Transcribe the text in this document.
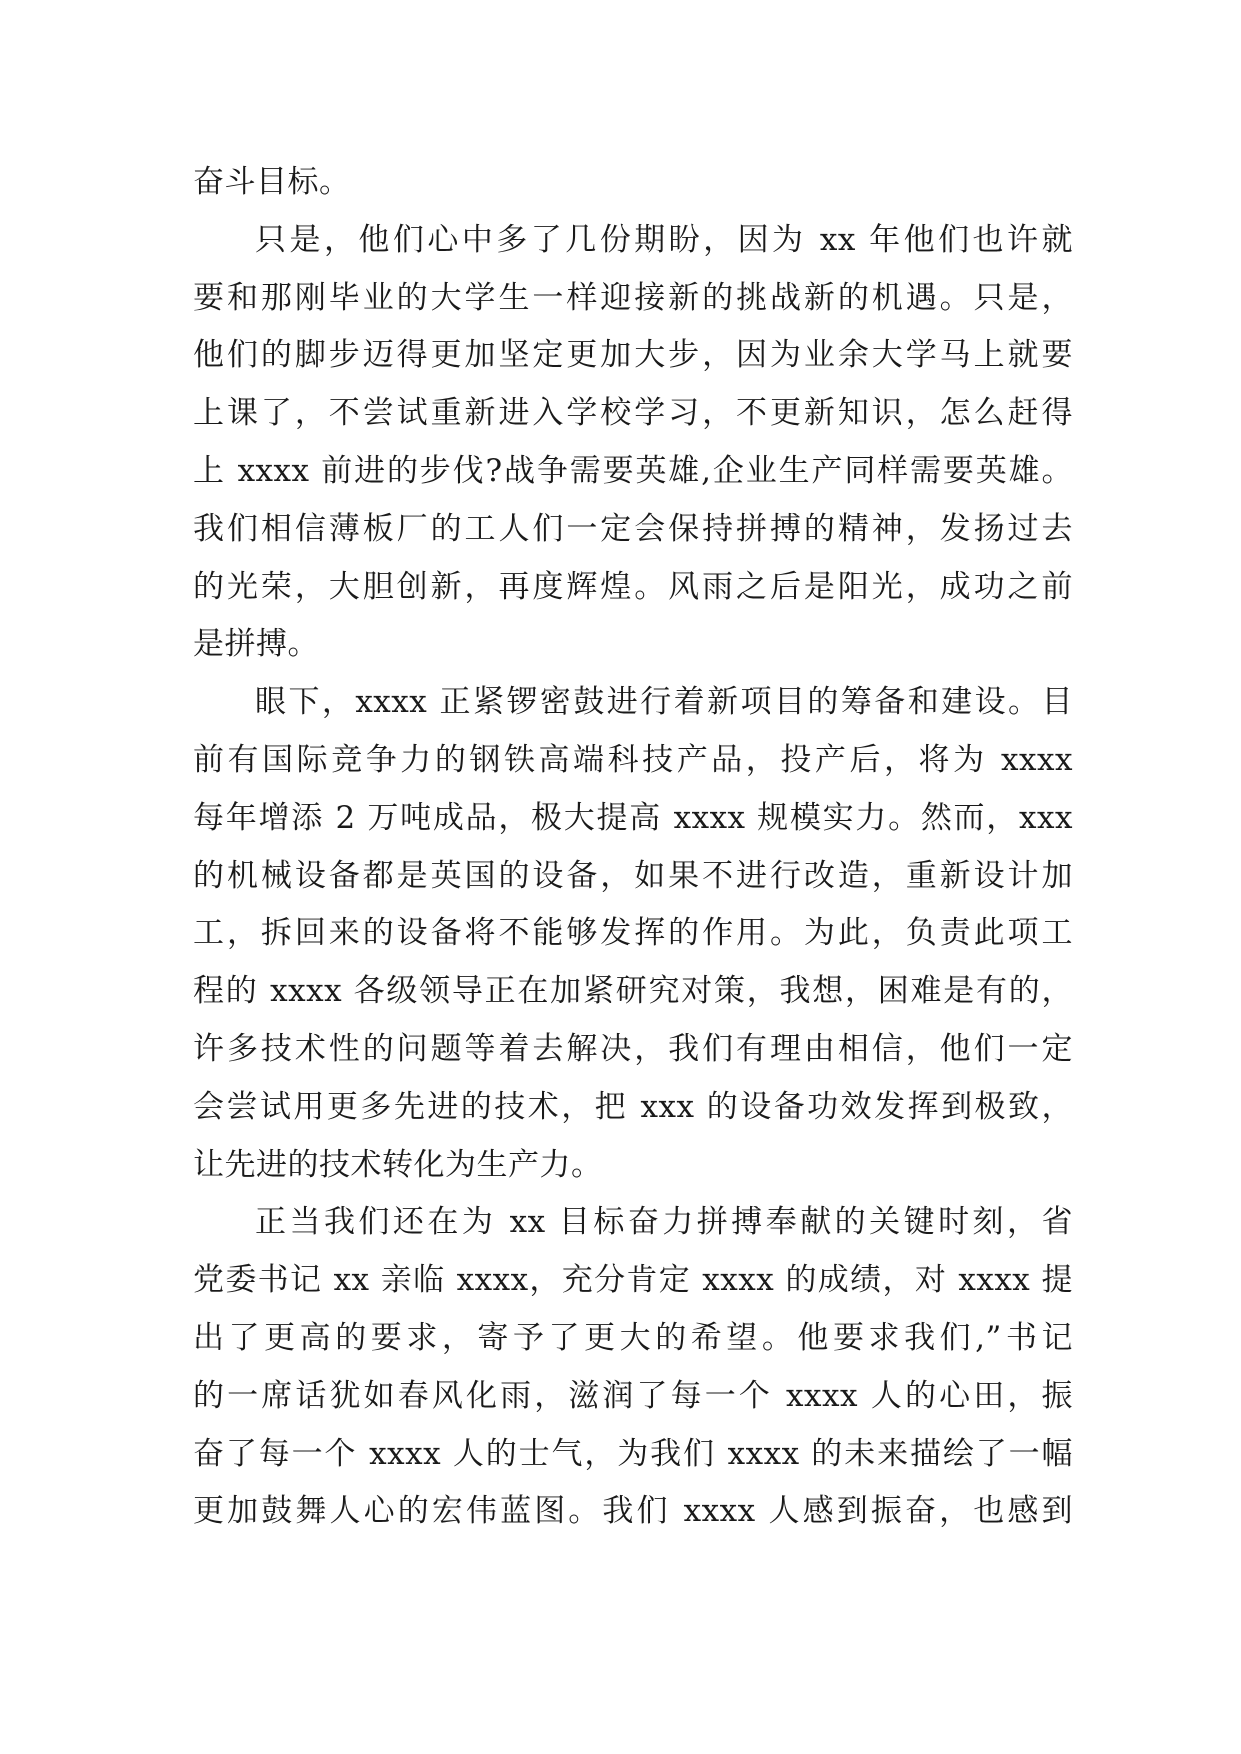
奋斗目标。
只是，他们心中多了几份期盼，因为 xx 年他们也许就
要和那刚毕业的大学生一样迎接新的挑战新的机遇。只是，
他们的脚步迈得更加坚定更加大步，因为业余大学马上就要
上课了，不尝试重新进入学校学习，不更新知识，怎么赶得
上 xxxx 前进的步伐?战争需要英雄,企业生产同样需要英雄。
我们相信薄板厂的工人们一定会保持拼搏的精神，发扬过去
的光荣，大胆创新，再度辉煌。风雨之后是阳光，成功之前
是拼搏。
眼下，xxxx 正紧锣密鼓进行着新项目的筹备和建设。目
前有国际竞争力的钢铁高端科技产品，投产后，将为 xxxx
每年增添 2 万吨成品，极大提高 xxxx 规模实力。然而，xxx
的机械设备都是英国的设备，如果不进行改造，重新设计加
工，拆回来的设备将不能够发挥的作用。为此，负责此项工
程的 xxxx 各级领导正在加紧研究对策，我想，困难是有的，
许多技术性的问题等着去解决，我们有理由相信，他们一定
会尝试用更多先进的技术，把 xxx 的设备功效发挥到极致，
让先进的技术转化为生产力。
正当我们还在为 xx 目标奋力拼搏奉献的关键时刻，省
党委书记 xx 亲临 xxxx，充分肯定 xxxx 的成绩，对 xxxx 提
出了更高的要求，寄予了更大的希望。他要求我们,”书记
的一席话犹如春风化雨，滋润了每一个 xxxx 人的心田，振
奋了每一个 xxxx 人的士气，为我们 xxxx 的未来描绘了一幅
更加鼓舞人心的宏伟蓝图。我们 xxxx 人感到振奋，也感到
